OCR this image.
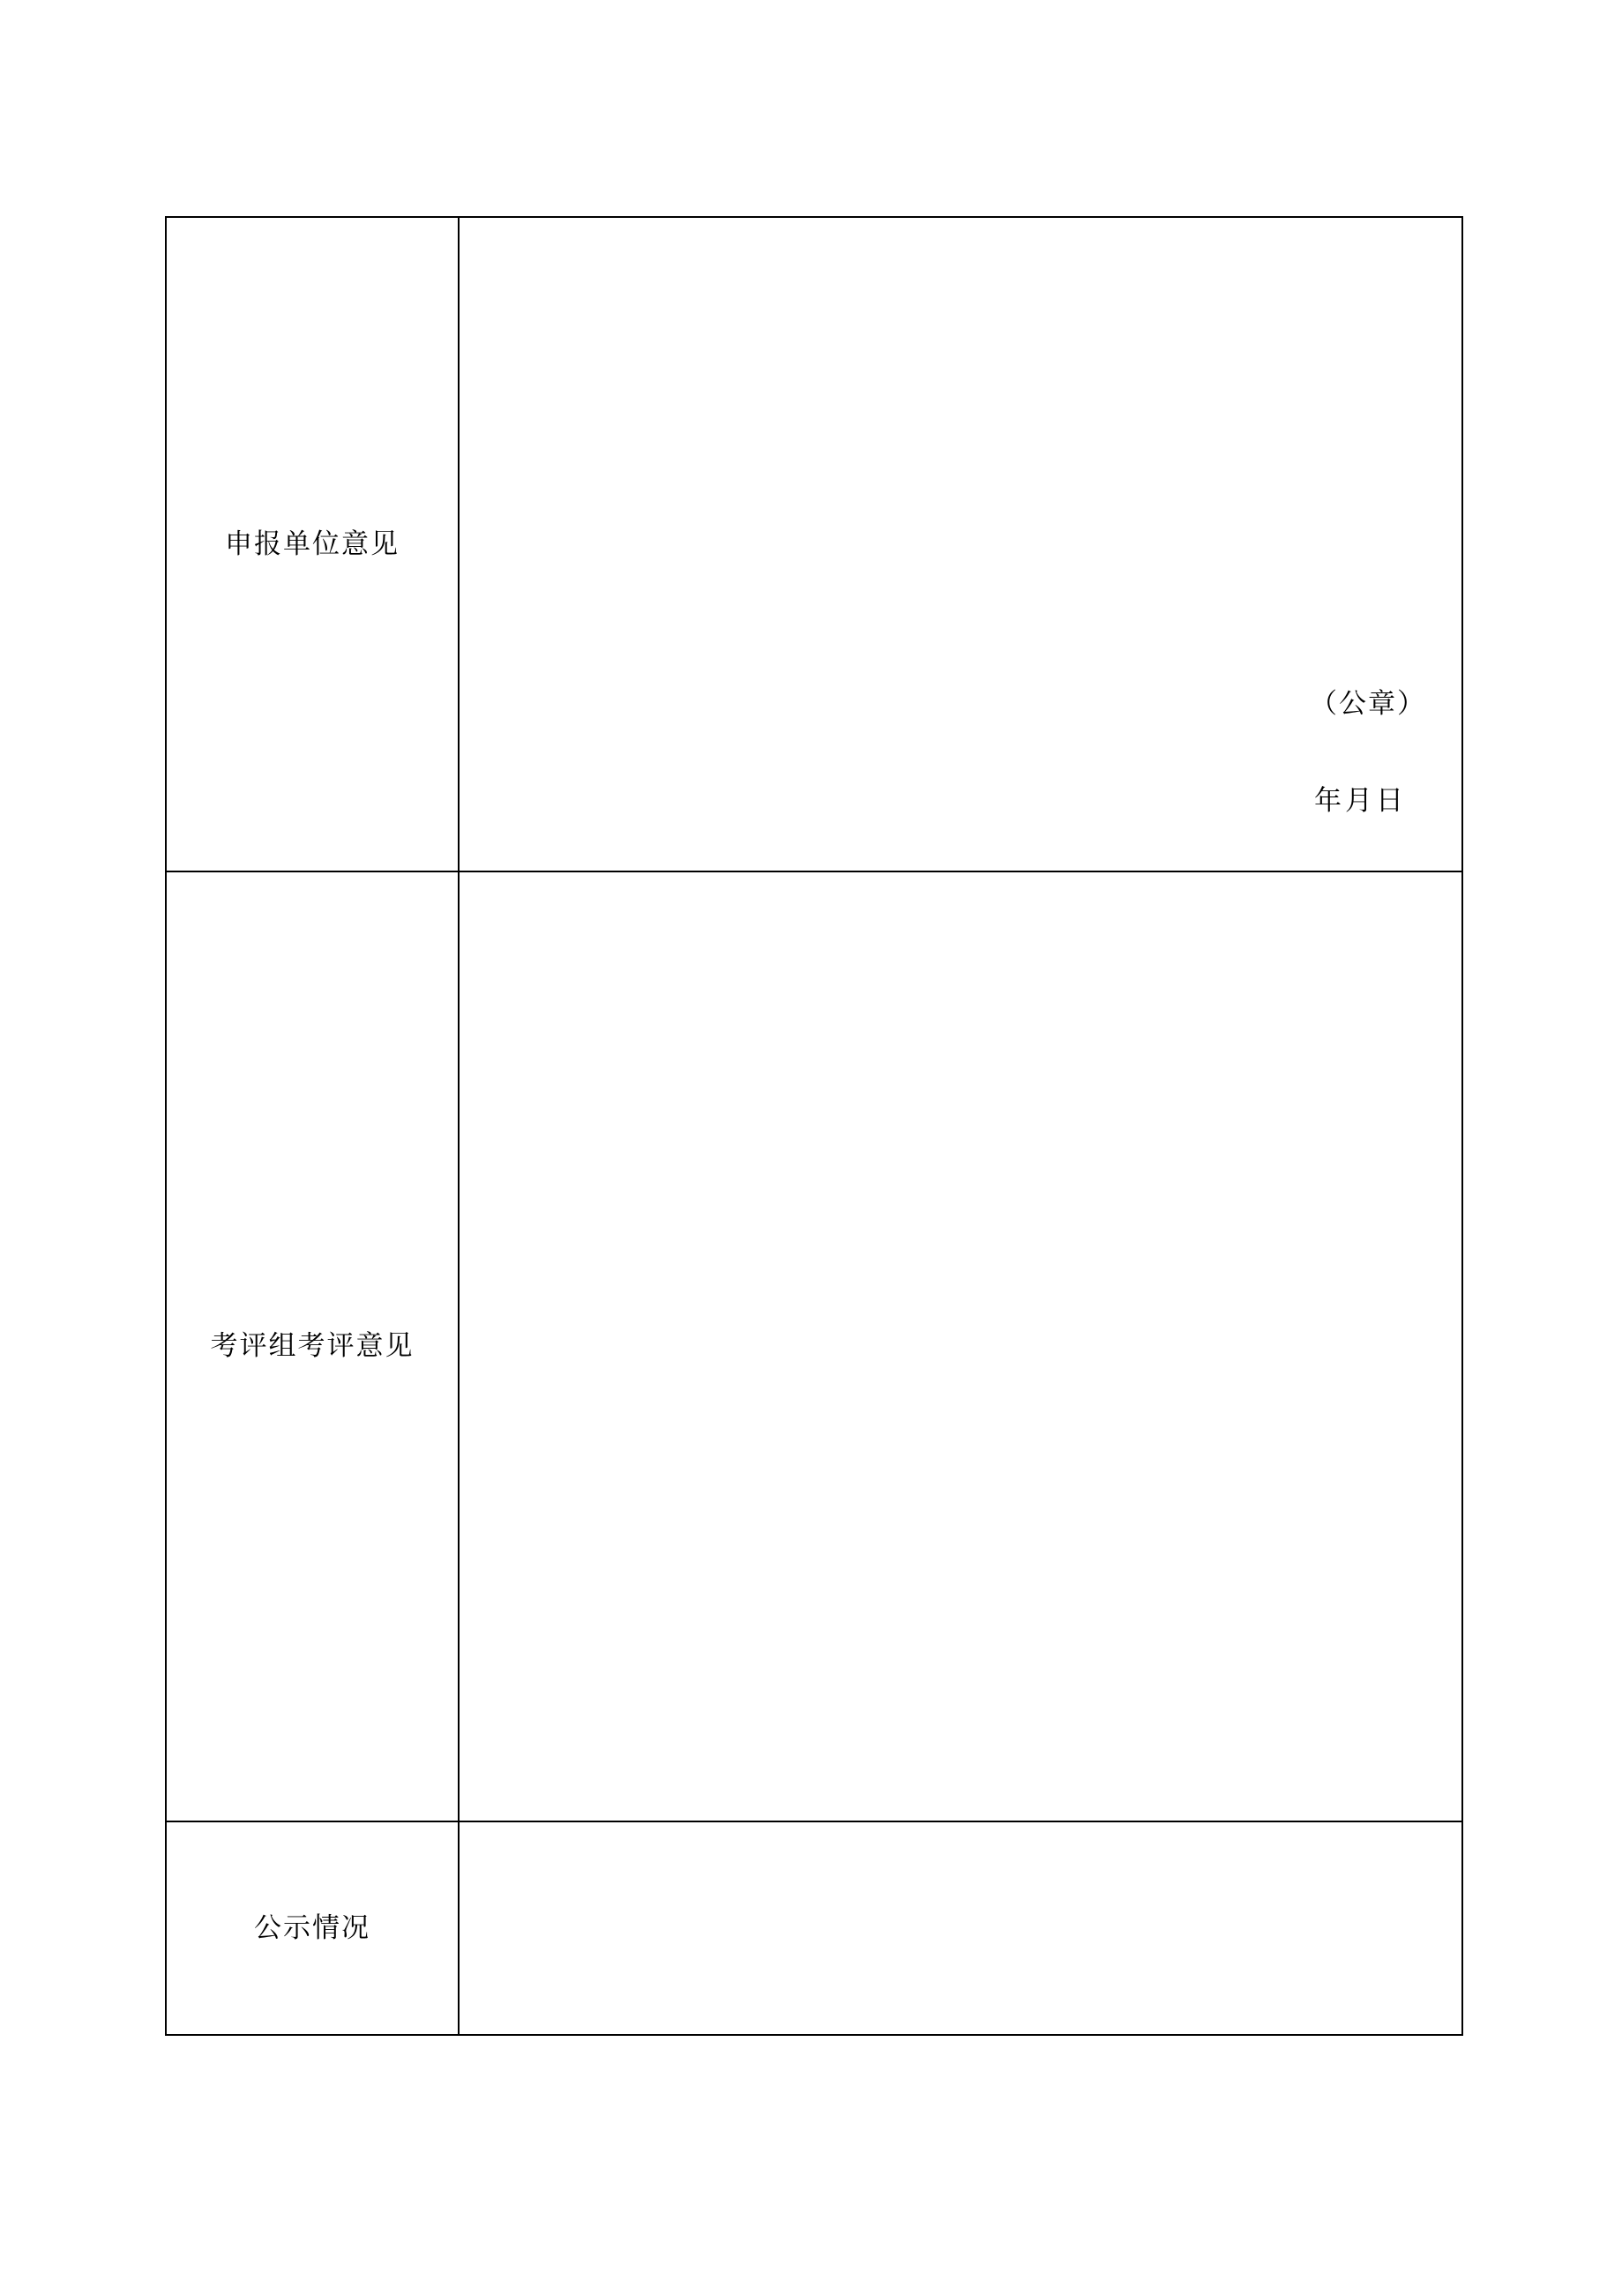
申报单位意见	（公章）
年月日

考评组考评意见	

公示情况	
